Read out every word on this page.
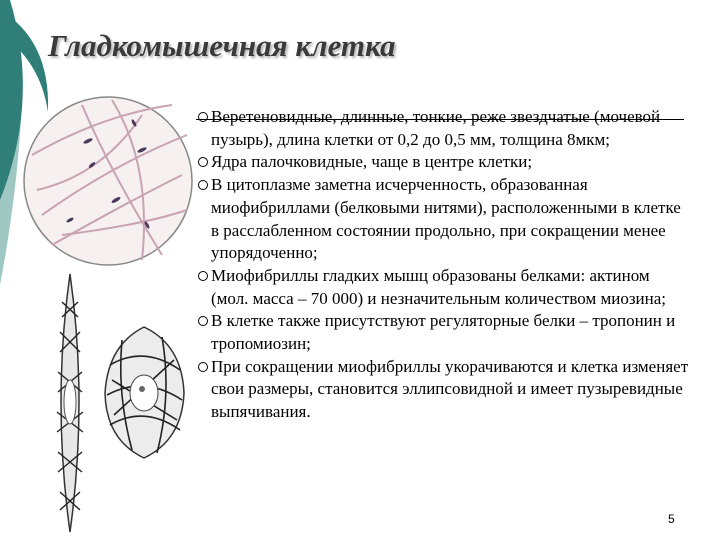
Гладкомышечная клетка
Веретеновидные, длинные, тонкие, реже звездчатые (мочевой пузырь), длина клетки от 0,2 до 0,5 мм, толщина 8мкм;
Ядра палочковидные, чаще в центре клетки;
В цитоплазме заметна исчерченность, образованная миофибриллами (белковыми нитями), расположенными в клетке в расслабленном состоянии продольно, при сокращении менее упорядоченно;
Миофибриллы гладких мышц образованы белками: актином (мол. масса – 70 000) и незначительным количеством миозина;
В клетке также присутствуют регуляторные белки – тропонин и тропомиозин;
При сокращении миофибриллы укорачиваются и клетка изменяет свои размеры, становится эллипсовидной и имеет пузыревидные выпячивания.
5
